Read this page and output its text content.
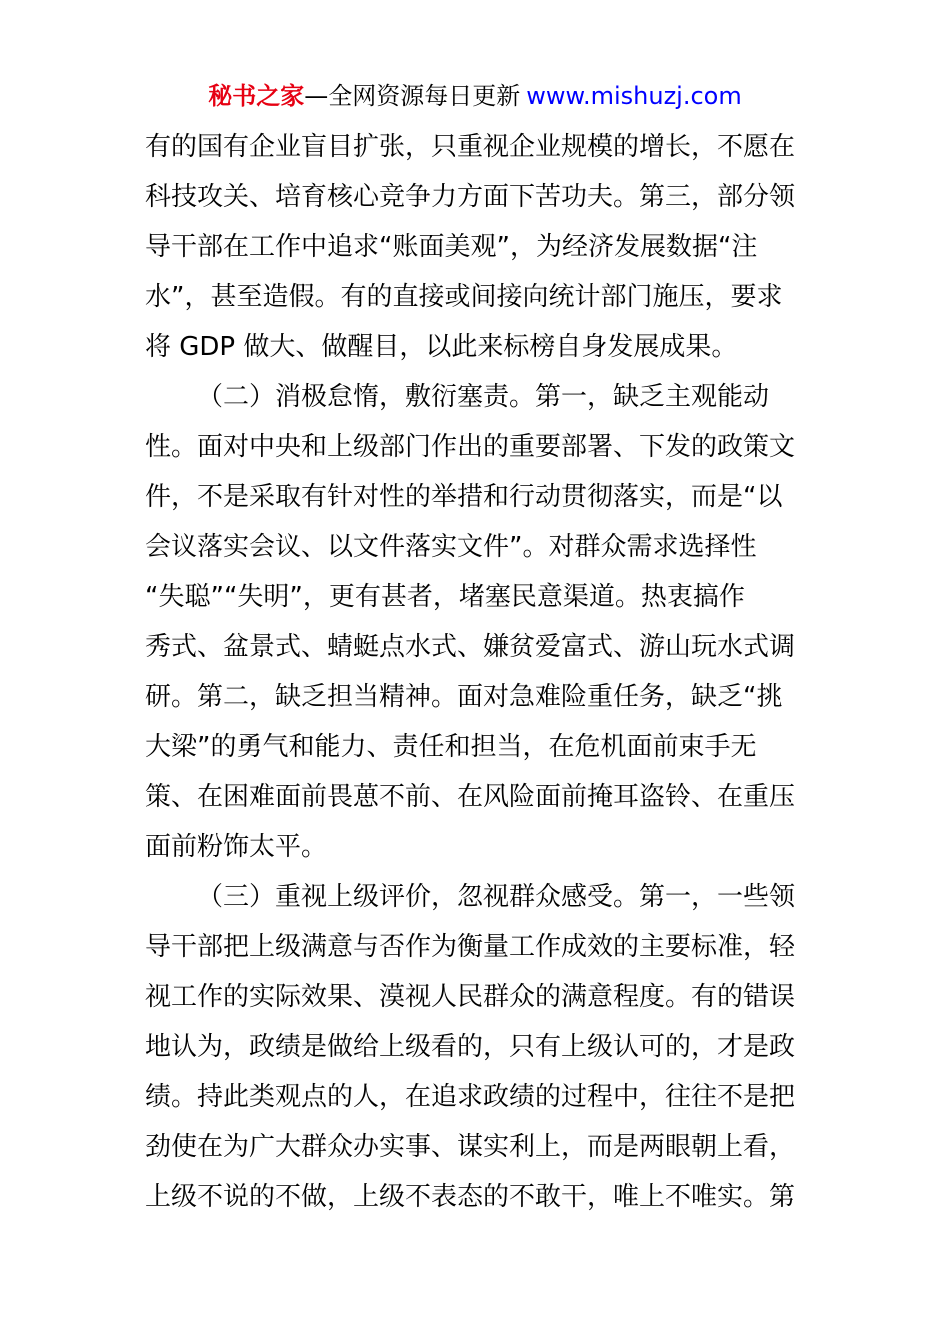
秘书之家—全网资源每日更新 www.mishuzj.com
有的国有企业盲目扩张，只重视企业规模的增长，不愿在
科技攻关、培育核心竞争力方面下苦功夫。第三，部分领
导干部在工作中追求“账面美观”，为经济发展数据“注
水”，甚至造假。有的直接或间接向统计部门施压，要求
将 GDP 做大、做醒目，以此来标榜自身发展成果。
（二）消极怠惰，敷衍塞责。第一，缺乏主观能动
性。面对中央和上级部门作出的重要部署、下发的政策文
件，不是采取有针对性的举措和行动贯彻落实，而是“以
会议落实会议、以文件落实文件”。对群众需求选择性
“失聪”“失明”，更有甚者，堵塞民意渠道。热衷搞作
秀式、盆景式、蜻蜓点水式、嫌贫爱富式、游山玩水式调
研。第二，缺乏担当精神。面对急难险重任务，缺乏“挑
大梁”的勇气和能力、责任和担当，在危机面前束手无
策、在困难面前畏葸不前、在风险面前掩耳盗铃、在重压
面前粉饰太平。
（三）重视上级评价，忽视群众感受。第一，一些领
导干部把上级满意与否作为衡量工作成效的主要标准，轻
视工作的实际效果、漠视人民群众的满意程度。有的错误
地认为，政绩是做给上级看的，只有上级认可的，才是政
绩。持此类观点的人，在追求政绩的过程中，往往不是把
劲使在为广大群众办实事、谋实利上，而是两眼朝上看，
上级不说的不做，上级不表态的不敢干，唯上不唯实。第
